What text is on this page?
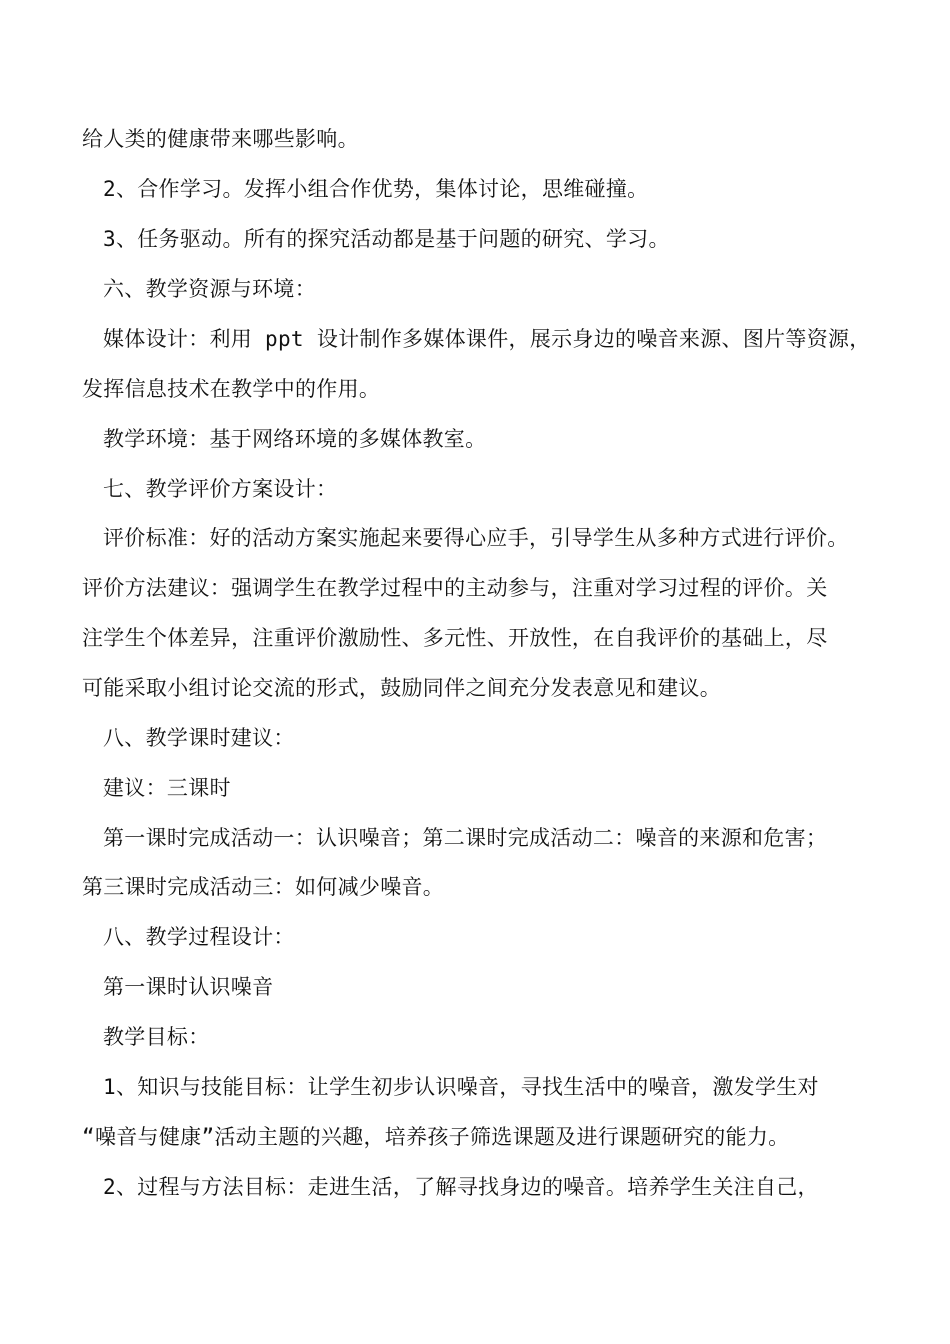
给人类的健康带来哪些影响。
2、合作学习。发挥小组合作优势，集体讨论，思维碰撞。
3、任务驱动。所有的探究活动都是基于问题的研究、学习。
六、教学资源与环境：
媒体设计：利用 ppt 设计制作多媒体课件，展示身边的噪音来源、图片等资源，
发挥信息技术在教学中的作用。
教学环境：基于网络环境的多媒体教室。
七、教学评价方案设计：
评价标准：好的活动方案实施起来要得心应手，引导学生从多种方式进行评价。
评价方法建议：强调学生在教学过程中的主动参与，注重对学习过程的评价。关
注学生个体差异，注重评价激励性、多元性、开放性，在自我评价的基础上，尽
可能采取小组讨论交流的形式，鼓励同伴之间充分发表意见和建议。
八、教学课时建议：
建议：三课时
第一课时完成活动一：认识噪音；第二课时完成活动二：噪音的来源和危害；
第三课时完成活动三：如何减少噪音。
八、教学过程设计：
第一课时认识噪音
教学目标：
1、知识与技能目标：让学生初步认识噪音，寻找生活中的噪音，激发学生对
“噪音与健康”活动主题的兴趣，培养孩子筛选课题及进行课题研究的能力。
2、过程与方法目标：走进生活，了解寻找身边的噪音。培养学生关注自己，
